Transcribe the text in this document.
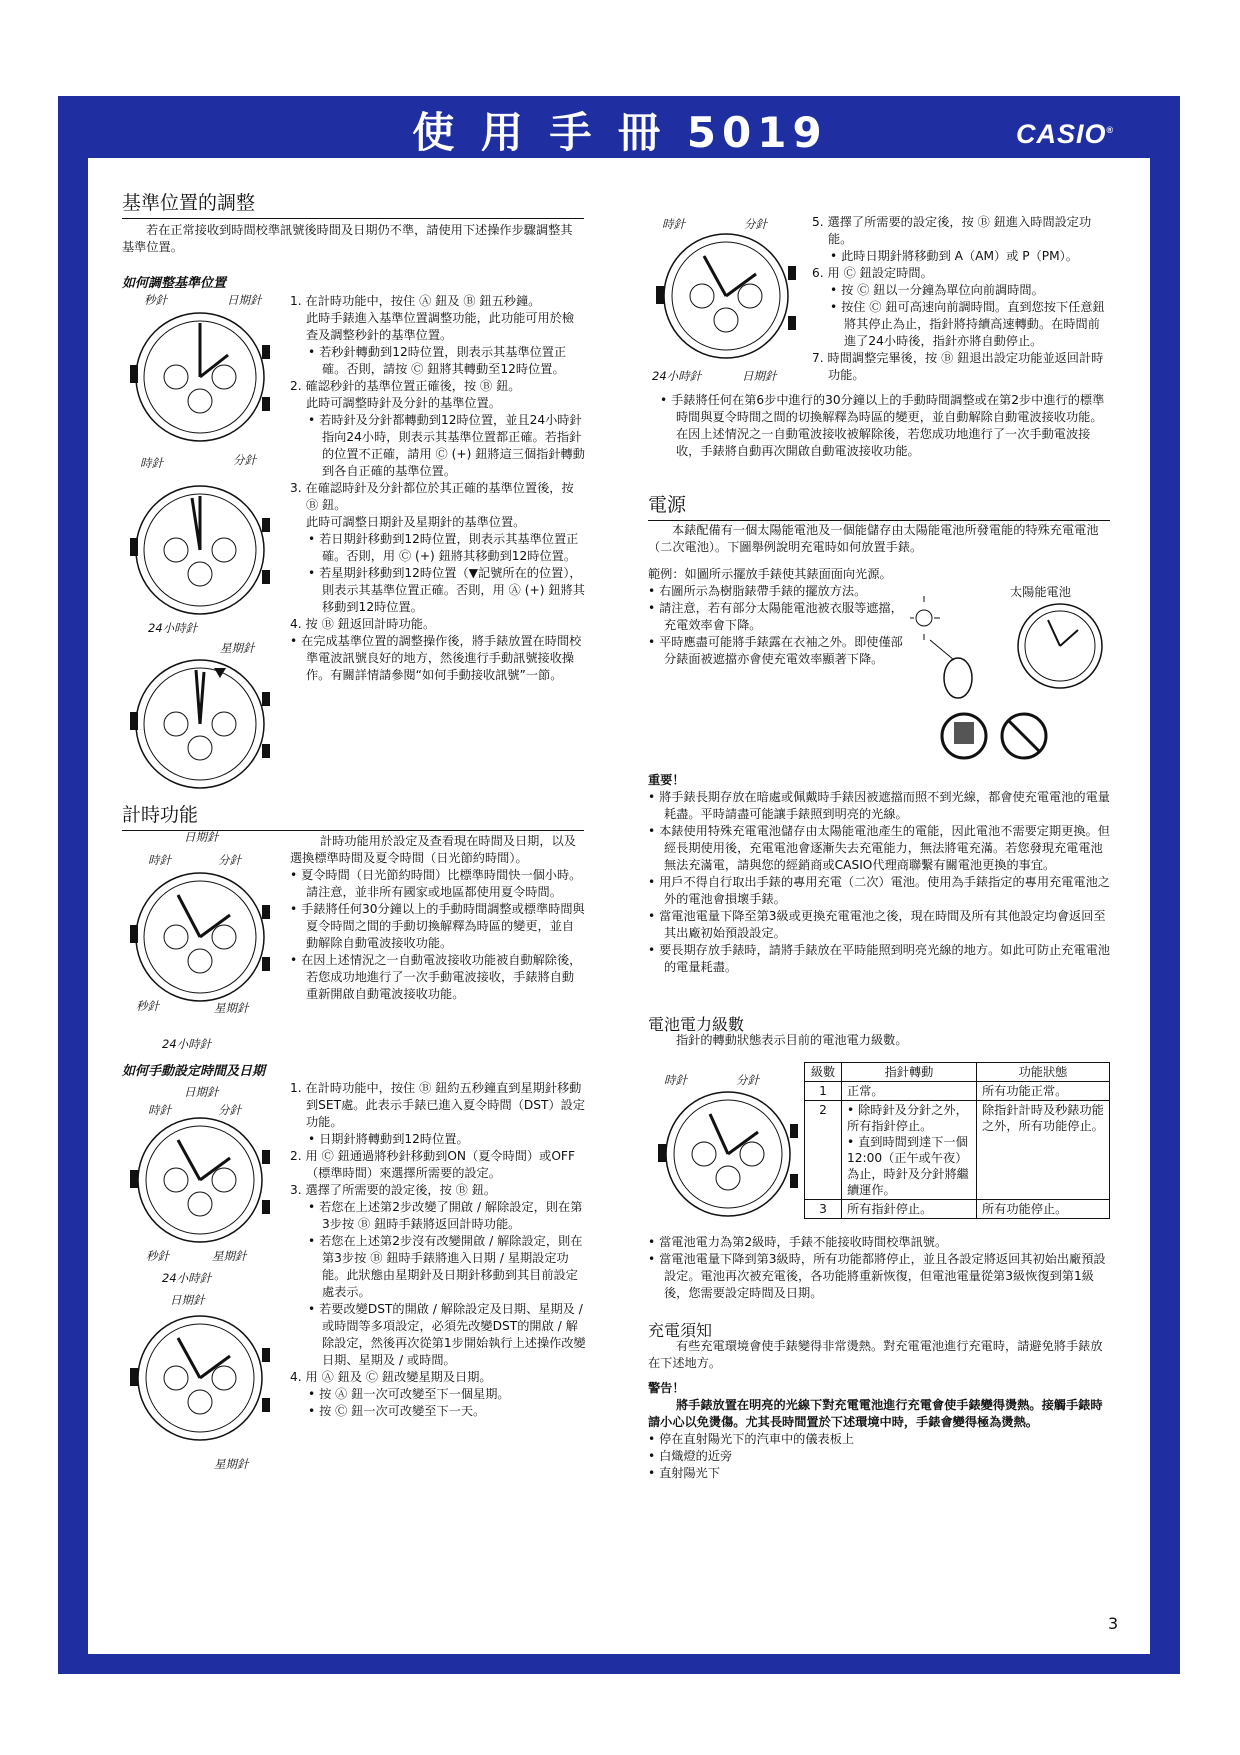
使 用 手 冊 5019	CASIO®
基準位置的調整
若在正常接收到時間校準訊號後時間及日期仍不準，請使用下述操作步驟調整其基準位置。
如何調整基準位置
秒針	日期針
時針	分針
24小時針
星期針

1. 在計時功能中，按住 Ⓐ 鈕及 Ⓑ 鈕五秒鐘。

此時手錶進入基準位置調整功能，此功能可用於檢查及調整秒針的基準位置。

• 若秒針轉動到12時位置，則表示其基準位置正確。否則，請按 Ⓒ 鈕將其轉動至12時位置。

2. 確認秒針的基準位置正確後，按 Ⓑ 鈕。

此時可調整時針及分針的基準位置。

• 若時針及分針都轉動到12時位置，並且24小時針指向24小時，則表示其基準位置都正確。若指針的位置不正確，請用 Ⓒ (+) 鈕將這三個指針轉動到各自正確的基準位置。

3. 在確認時針及分針都位於其正確的基準位置後，按 Ⓑ 鈕。

此時可調整日期針及星期針的基準位置。

• 若日期針移動到12時位置，則表示其基準位置正確。否則，用 Ⓒ (+) 鈕將其移動到12時位置。

• 若星期針移動到12時位置（▼記號所在的位置），則表示其基準位置正確。否則，用 Ⓐ (+) 鈕將其移動到12時位置。

4. 按 Ⓑ 鈕返回計時功能。

• 在完成基準位置的調整操作後，將手錶放置在時間校準電波訊號良好的地方，然後進行手動訊號接收操作。有關詳情請參閱“如何手動接收訊號”一節。

計時功能
日期針
時針	分針
秒針	星期針
24小時針

計時功能用於設定及查看現在時間及日期，以及選換標準時間及夏令時間（日光節約時間）。

• 夏令時間（日光節約時間）比標準時間快一個小時。請注意，並非所有國家或地區都使用夏令時間。

• 手錶將任何30分鐘以上的手動時間調整或標準時間與夏令時間之間的手動切換解釋為時區的變更，並自動解除自動電波接收功能。

• 在因上述情況之一自動電波接收功能被自動解除後，若您成功地進行了一次手動電波接收，手錶將自動重新開啟自動電波接收功能。

如何手動設定時間及日期
日期針
時針	分針
秒針	星期針
24小時針
日期針
星期針

1. 在計時功能中，按住 Ⓑ 鈕約五秒鐘直到星期針移動到SET處。此表示手錶已進入夏令時間（DST）設定功能。

• 日期針將轉動到12時位置。

2. 用 Ⓒ 鈕通過將秒針移動到ON（夏令時間）或OFF（標準時間）來選擇所需要的設定。

3. 選擇了所需要的設定後，按 Ⓑ 鈕。

• 若您在上述第2步改變了開啟 / 解除設定，則在第3步按 Ⓑ 鈕時手錶將返回計時功能。

• 若您在上述第2步沒有改變開啟 / 解除設定，則在第3步按 Ⓑ 鈕時手錶將進入日期 / 星期設定功能。此狀態由星期針及日期針移動到其目前設定處表示。

• 若要改變DST的開啟 / 解除設定及日期、星期及 / 或時間等多項設定，必須先改變DST的開啟 / 解除設定，然後再次從第1步開始執行上述操作改變日期、星期及 / 或時間。

4. 用 Ⓐ 鈕及 Ⓒ 鈕改變星期及日期。

• 按 Ⓐ 鈕一次可改變至下一個星期。

• 按 Ⓒ 鈕一次可改變至下一天。

時針	分針
24小時針	日期針

5. 選擇了所需要的設定後，按 Ⓑ 鈕進入時間設定功能。

• 此時日期針將移動到 A（AM）或 P（PM）。

6. 用 Ⓒ 鈕設定時間。

• 按 Ⓒ 鈕以一分鐘為單位向前調時間。

• 按住 Ⓒ 鈕可高速向前調時間。直到您按下任意鈕將其停止為止，指針將持續高速轉動。在時間前進了24小時後，指針亦將自動停止。

7. 時間調整完畢後，按 Ⓑ 鈕退出設定功能並返回計時功能。

• 手錶將任何在第6步中進行的30分鐘以上的手動時間調整或在第2步中進行的標準時間與夏令時間之間的切換解釋為時區的變更，並自動解除自動電波接收功能。在因上述情況之一自動電波接收被解除後，若您成功地進行了一次手動電波接收，手錶將自動再次開啟自動電波接收功能。

電源
本錶配備有一個太陽能電池及一個能儲存由太陽能電池所發電能的特殊充電電池（二次電池）。下圖舉例說明充電時如何放置手錶。

範例：如圖所示擺放手錶使其錶面面向光源。

• 右圖所示為樹脂錶帶手錶的擺放方法。

• 請注意，若有部分太陽能電池被衣服等遮擋，充電效率會下降。

• 平時應盡可能將手錶露在衣袖之外。即使僅部分錶面被遮擋亦會使充電效率顯著下降。

太陽能電池

重要！

• 將手錶長期存放在暗處或佩戴時手錶因被遮擋而照不到光線，都會使充電電池的電量耗盡。平時請盡可能讓手錶照到明亮的光線。

• 本錶使用特殊充電電池儲存由太陽能電池產生的電能，因此電池不需要定期更換。但經長期使用後，充電電池會逐漸失去充電能力，無法將電充滿。若您發現充電電池無法充滿電，請與您的經銷商或CASIO代理商聯繫有關電池更換的事宜。

• 用戶不得自行取出手錶的專用充電（二次）電池。使用為手錶指定的專用充電電池之外的電池會損壞手錶。

• 當電池電量下降至第3級或更換充電電池之後，現在時間及所有其他設定均會返回至其出廠初始預設設定。

• 要長期存放手錶時，請將手錶放在平時能照到明亮光線的地方。如此可防止充電電池的電量耗盡。

電池電力級數
指針的轉動狀態表示目前的電池電力級數。
時針	分針
級數	指針轉動	功能狀態
1	正常。	所有功能正常。
2	• 除時針及分針之外，所有指針停止。
• 直到時間到達下一個12:00（正午或午夜）為止，時針及分針將繼續運作。	除指針計時及秒錶功能之外，所有功能停止。
3	所有指針停止。	所有功能停止。

• 當電池電力為第2級時，手錶不能接收時間校準訊號。

• 當電池電量下降到第3級時，所有功能都將停止，並且各設定將返回其初始出廠預設設定。電池再次被充電後，各功能將重新恢復，但電池電量從第3級恢復到第1級後，您需要設定時間及日期。

充電須知
有些充電環境會使手錶變得非常燙熱。對充電電池進行充電時，請避免將手錶放在下述地方。

警告！

將手錶放置在明亮的光線下對充電電池進行充電會使手錶變得燙熱。接觸手錶時請小心以免燙傷。尤其長時間置於下述環境中時，手錶會變得極為燙熱。

• 停在直射陽光下的汽車中的儀表板上

• 白熾燈的近旁

• 直射陽光下

3
